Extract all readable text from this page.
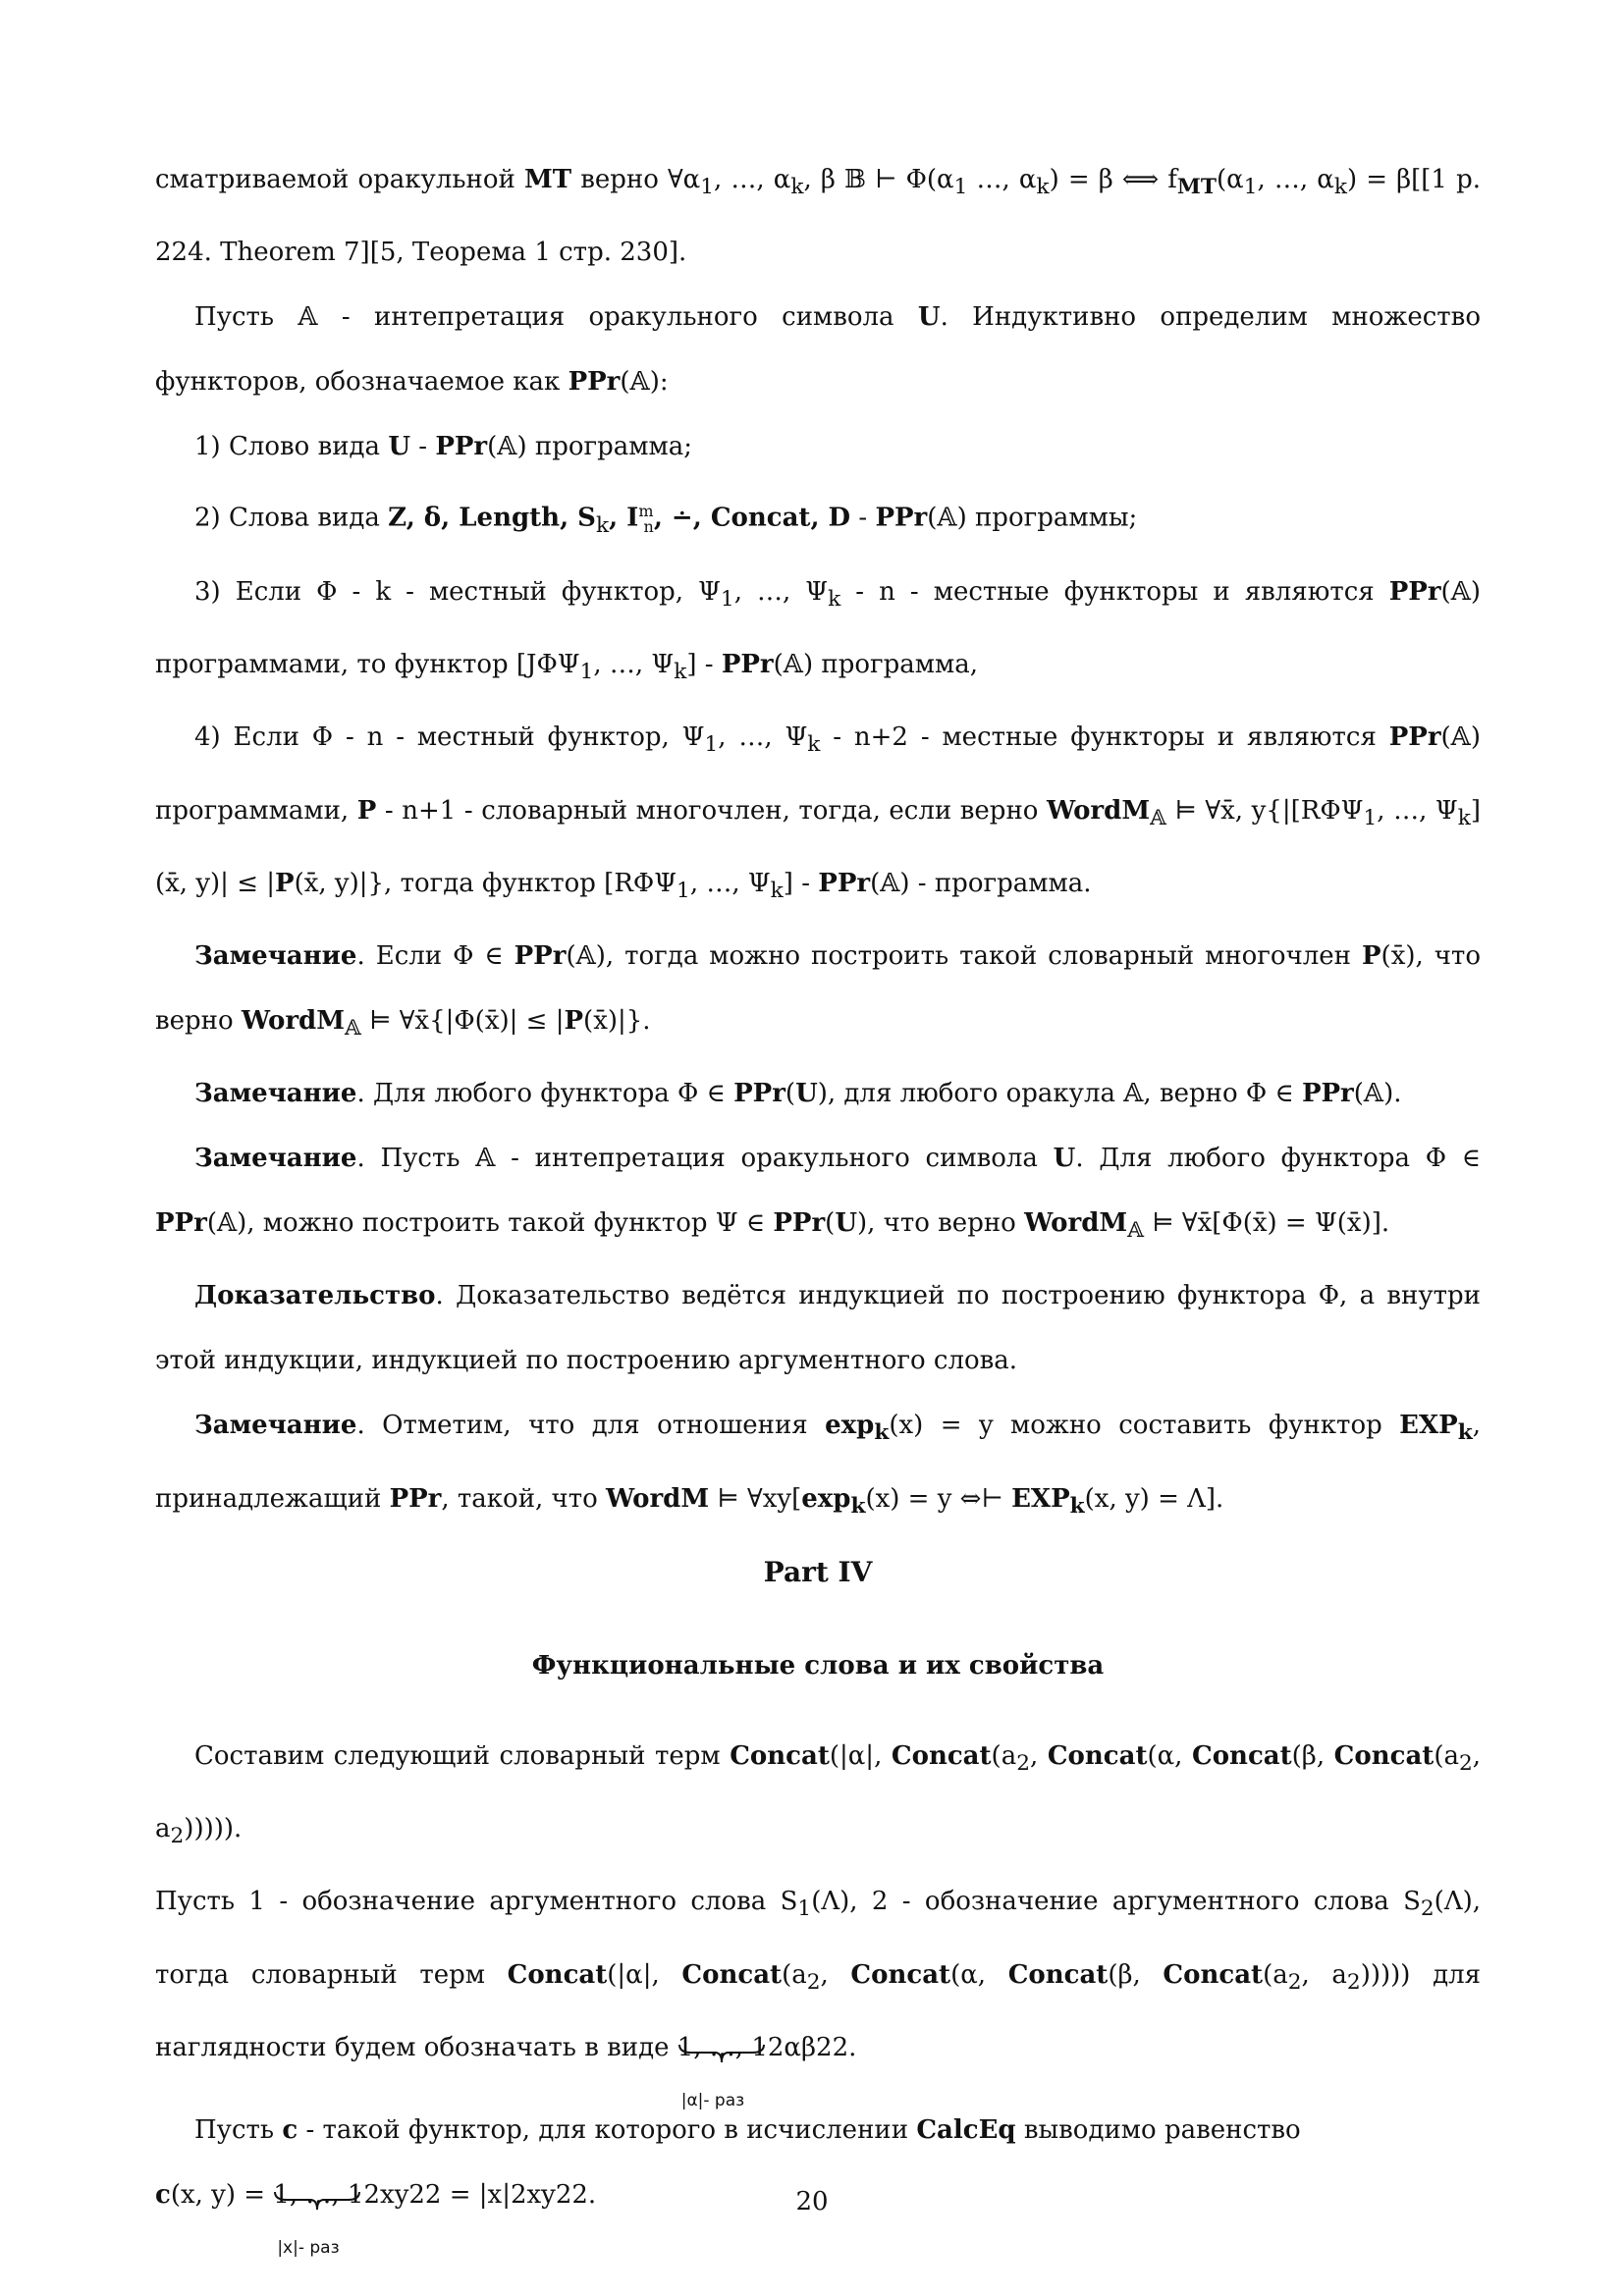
сматриваемой оракульной MT верно $\forall\alpha_1$, …, $\alpha_k$, β 𝔹 ⊢ $\Phi(\alpha_1$ …, $\alpha_k) = \beta$ ⟺ $f_{MT}(\alpha_1$, …, $\alpha_k) = \beta[[1$ p. 224. Theorem 7][5, Теорема 1 стр. 230].

Пусть 𝔸 - интепретация оракульного символа U. Индуктивно определим множество функторов, обозначаемое как PPr(𝔸):

1) Слово вида U - PPr(𝔸) программа;

2) Слова вида Z, δ, Length, $S_k$, $I^m_n$, ∸, Concat, D - PPr(𝔸) программы;

3) Если Φ - k - местный функтор, $\Psi_1$, …, $\Psi_k$ - n - местные функторы и являются PPr(𝔸) программами, то функтор [$J\Phi\Psi_1$, …, $\Psi_k$] - PPr(𝔸) программа,

4) Если Φ - n - местный функтор, $\Psi_1$, …, $\Psi_k - n+2$ - местные функторы и являются PPr(𝔸) программами, P - n+1 - словарный многочлен, тогда, если верно WordM$_𝔸$ ⊨ ∀x̄, $y\{|[R\Phi\Psi_1$, …, $\Psi_k](x̄$, y)| ≤ |P(x̄, y)|}, тогда функтор [$R\Phi\Psi_1$, …, $\Psi_k$] - PPr(𝔸) - программа.

Замечание. Если Φ ∈ PPr(𝔸), тогда можно построить такой словарный многочлен P(x̄), что верно WordM$_𝔸$ ⊨ ∀x̄{|Φ(x̄)| ≤ |P(x̄)|}.

Замечание. Для любого функтора Φ ∈ PPr(U), для любого оракула 𝔸, верно Φ ∈ PPr(𝔸).

Замечание. Пусть 𝔸 - интепретация оракульного символа U. Для любого функтора Φ ∈ PPr(𝔸), можно построить такой функтор Ψ ∈ PPr(U), что верно WordM$_𝔸$ ⊨ ∀x̄[Φ(x̄) = Ψ(x̄)].

Доказательство. Доказательство ведётся индукцией по построению функтора Φ, а внутри этой индукции, индукцией по построению аргументного слова.

Замечание. Отметим, что для отношения $\exp_k(x) = y$ можно составить функтор $EXP_k$, принадлежащий PPr, такой, что WordM ⊨ $\forall xy[\exp_k(x) = y$ ⇔⊢ $EXP_k(x$, y) = Λ].

Part IV
Функциональные слова и их свойства

Составим следующий словарный терм Concat(|α|, $Concat(a_2$, Concat(α, Concat(β, $Concat(a_2$, $a_2$))))).

Пусть 1 - обозначение аргументного слова $S_1(\Lambda)$, 2 - обозначение аргументного слова $S_2(\Lambda)$, тогда словарный терм Concat(|α|, $Concat(a_2$, Concat(α, Concat(β, $Concat(a_2$, $a_2$))))) для наглядности будем обозначать в виде 1, …, 1
|α|- раз
2αβ22.

Пусть c - такой функтор, для которого в исчислении CalcEq выводимо равенство

c(x, y) = 1, …, 1
|x|- раз
2xy22 = |x|2xy22.	20
